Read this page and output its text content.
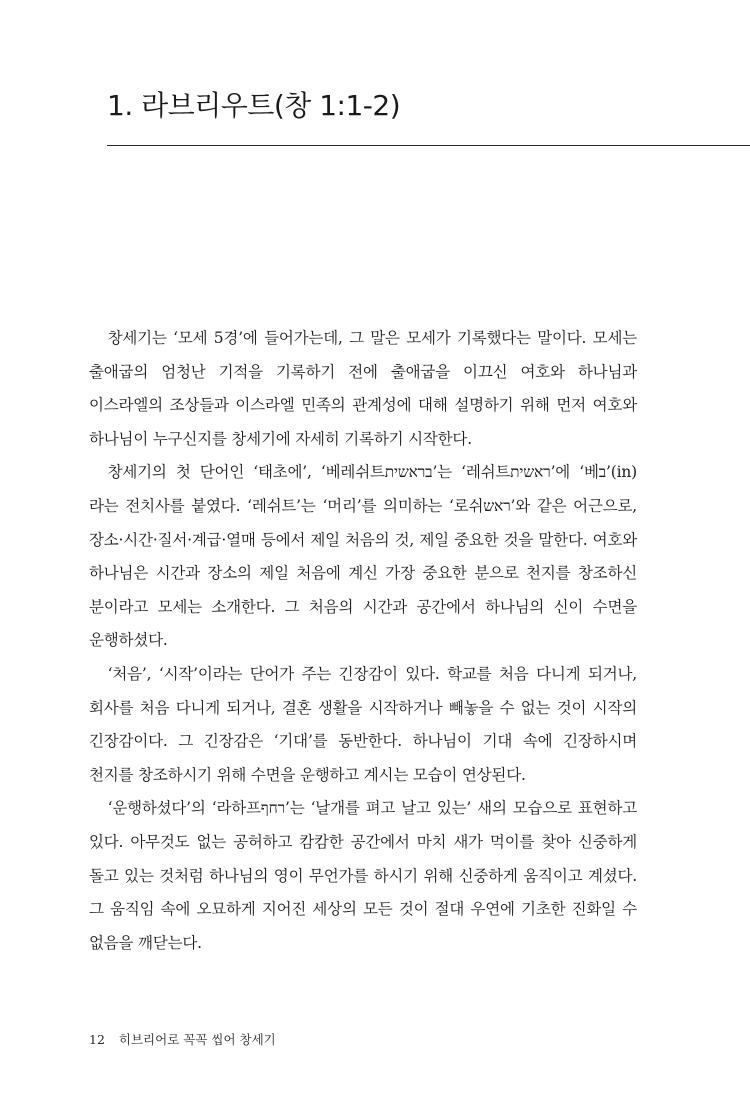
1. 라브리우트(창 1:1-2)

창세기는 ‘모세 5경’에 들어가는데, 그 말은 모세가 기록했다는 말이다. 모세는 출애굽의 엄청난 기적을 기록하기 전에 출애굽을 이끄신 여호와 하나님과 이스라엘의 조상들과 이스라엘 민족의 관계성에 대해 설명하기 위해 먼저 여호와 하나님이 누구신지를 창세기에 자세히 기록하기 시작한다.

창세기의 첫 단어인 ‘태초에’, ‘베레쉬트בראשית’는 ‘레쉬트ראשית’에 ‘베ב’(in)라는 전치사를 붙였다. ‘레쉬트’는 ‘머리’를 의미하는 ‘로쉬ראש’와 같은 어근으로, 장소·시간·질서·계급·열매 등에서 제일 처음의 것, 제일 중요한 것을 말한다. 여호와 하나님은 시간과 장소의 제일 처음에 계신 가장 중요한 분으로 천지를 창조하신 분이라고 모세는 소개한다. 그 처음의 시간과 공간에서 하나님의 신이 수면을 운행하셨다.

‘처음’, ‘시작’이라는 단어가 주는 긴장감이 있다. 학교를 처음 다니게 되거나, 회사를 처음 다니게 되거나, 결혼 생활을 시작하거나 빼놓을 수 없는 것이 시작의 긴장감이다. 그 긴장감은 ‘기대’를 동반한다. 하나님이 기대 속에 긴장하시며 천지를 창조하시기 위해 수면을 운행하고 계시는 모습이 연상된다.

‘운행하셨다’의 ‘라하프רחף’는 ‘날개를 펴고 날고 있는’ 새의 모습으로 표현하고 있다. 아무것도 없는 공허하고 캄캄한 공간에서 마치 새가 먹이를 찾아 신중하게 돌고 있는 것처럼 하나님의 영이 무언가를 하시기 위해 신중하게 움직이고 계셨다. 그 움직임 속에 오묘하게 지어진 세상의 모든 것이 절대 우연에 기초한 진화일 수 없음을 깨닫는다.

12 히브리어로 꼭꼭 씹어 창세기
